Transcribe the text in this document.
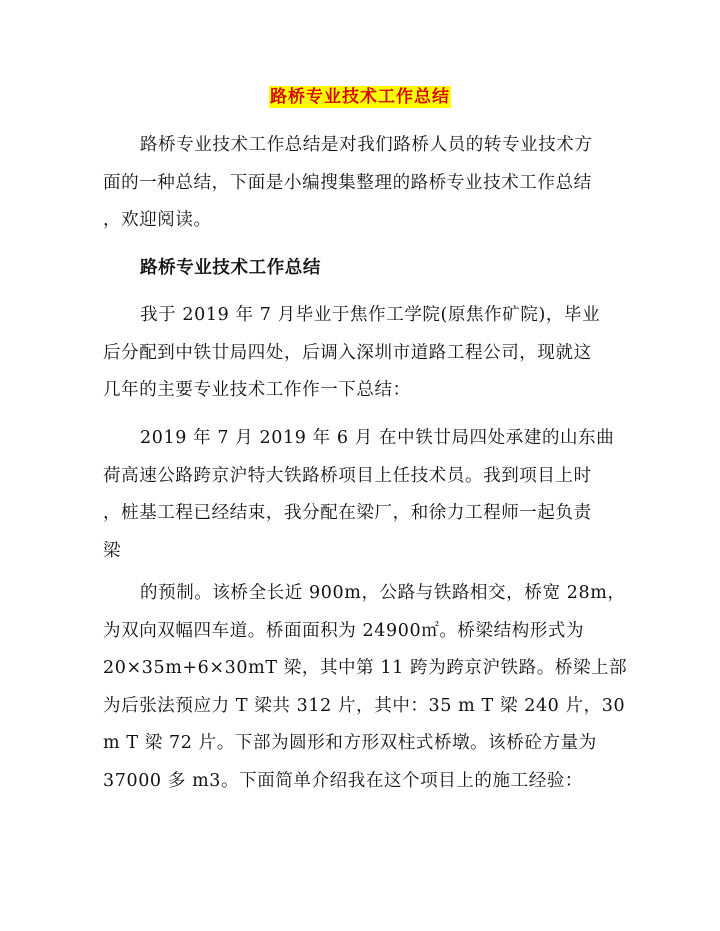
路桥专业技术工作总结

路桥专业技术工作总结是对我们路桥人员的转专业技术方
面的一种总结，下面是小编搜集整理的路桥专业技术工作总结
，欢迎阅读。

路桥专业技术工作总结

我于 2019 年 7 月毕业于焦作工学院(原焦作矿院)，毕业
后分配到中铁廿局四处，后调入深圳市道路工程公司，现就这
几年的主要专业技术工作作一下总结：

2019 年 7 月 2019 年 6 月 在中铁廿局四处承建的山东曲
荷高速公路跨京沪特大铁路桥项目上任技术员。我到项目上时
，桩基工程已经结束，我分配在梁厂，和徐力工程师一起负责
梁

的预制。该桥全长近 900m，公路与铁路相交，桥宽 28m，
为双向双幅四车道。桥面面积为 24900㎡。桥梁结构形式为
20×35m+6×30mT 梁，其中第 11 跨为跨京沪铁路。桥梁上部
为后张法预应力 T 梁共 312 片，其中：35 m T 梁 240 片，30
m T 梁 72 片。下部为圆形和方形双柱式桥墩。该桥砼方量为
37000 多 m3。下面简单介绍我在这个项目上的施工经验：
